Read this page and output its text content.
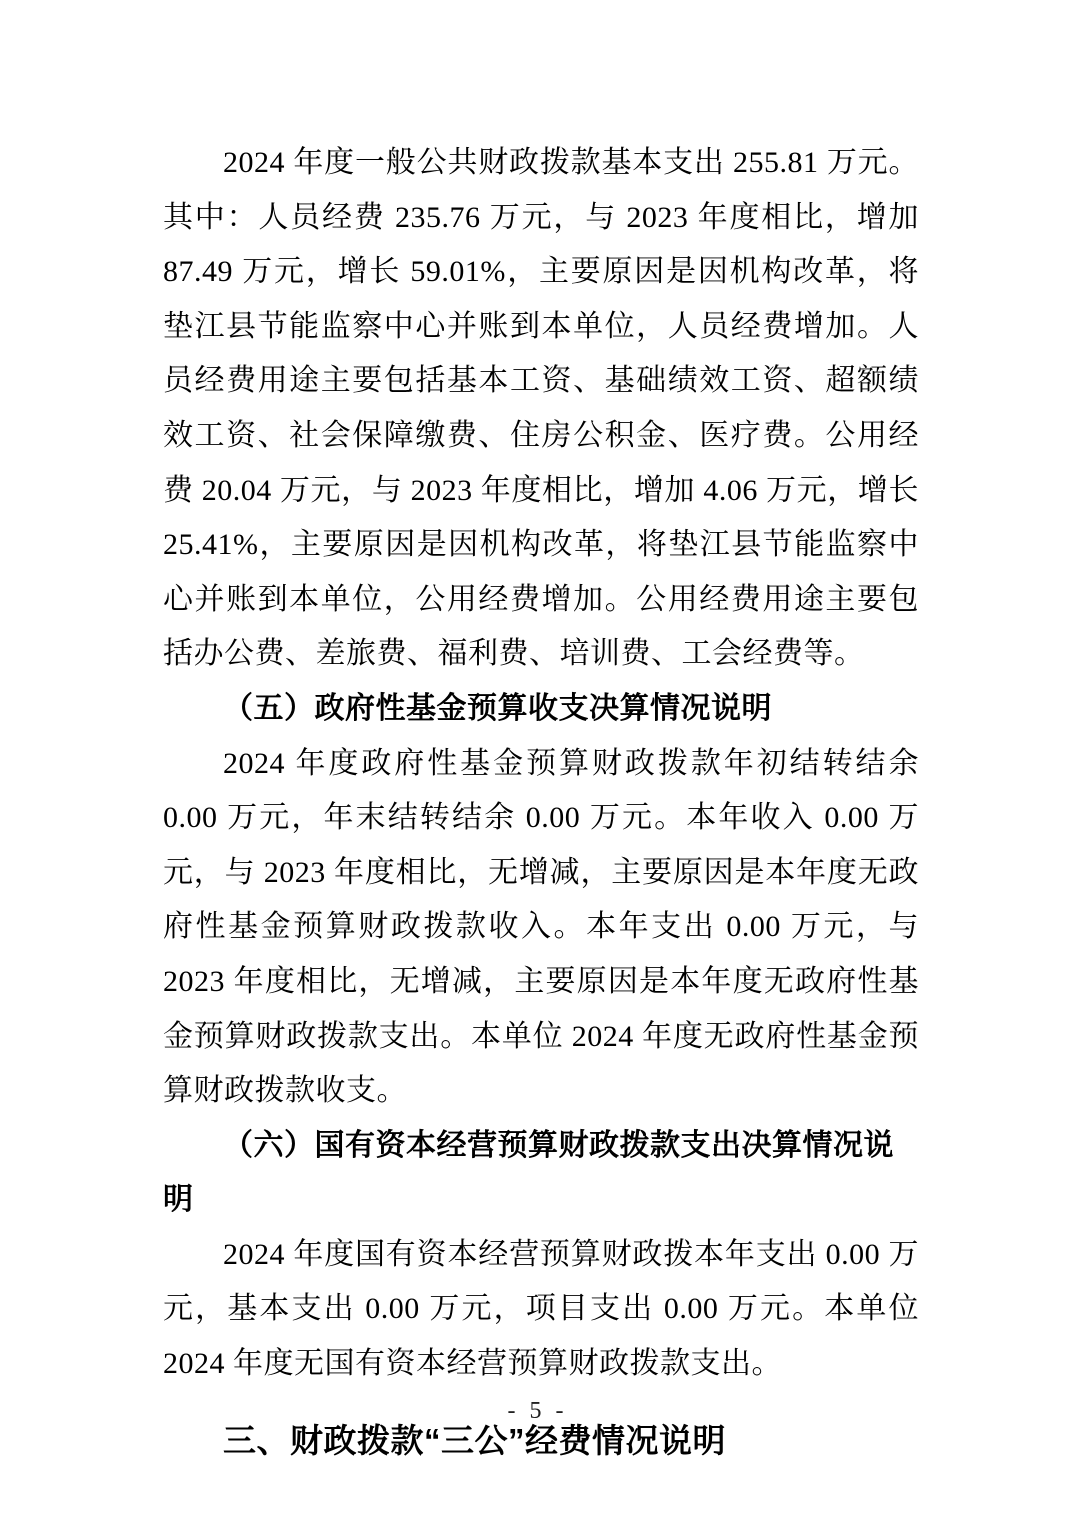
2024 年度一般公共财政拨款基本支出 255.81 万元。其中：人员经费 235.76 万元，与 2023 年度相比，增加 87.49 万元，增长 59.01%，主要原因是因机构改革，将垫江县节能监察中心并账到本单位，人员经费增加。人员经费用途主要包括基本工资、基础绩效工资、超额绩效工资、社会保障缴费、住房公积金、医疗费。公用经费 20.04 万元，与 2023 年度相比，增加 4.06 万元，增长 25.41%，主要原因是因机构改革，将垫江县节能监察中心并账到本单位，公用经费增加。公用经费用途主要包括办公费、差旅费、福利费、培训费、工会经费等。

（五）政府性基金预算收支决算情况说明

2024 年度政府性基金预算财政拨款年初结转结余 0.00 万元，年末结转结余 0.00 万元。本年收入 0.00 万元，与 2023 年度相比，无增减，主要原因是本年度无政府性基金预算财政拨款收入。本年支出 0.00 万元，与 2023 年度相比，无增减，主要原因是本年度无政府性基金预算财政拨款支出。本单位 2024 年度无政府性基金预算财政拨款收支。

（六）国有资本经营预算财政拨款支出决算情况说明

2024 年度国有资本经营预算财政拨本年支出 0.00 万元，基本支出 0.00 万元，项目支出 0.00 万元。本单位 2024 年度无国有资本经营预算财政拨款支出。

三、财政拨款“三公”经费情况说明
- 5 -
